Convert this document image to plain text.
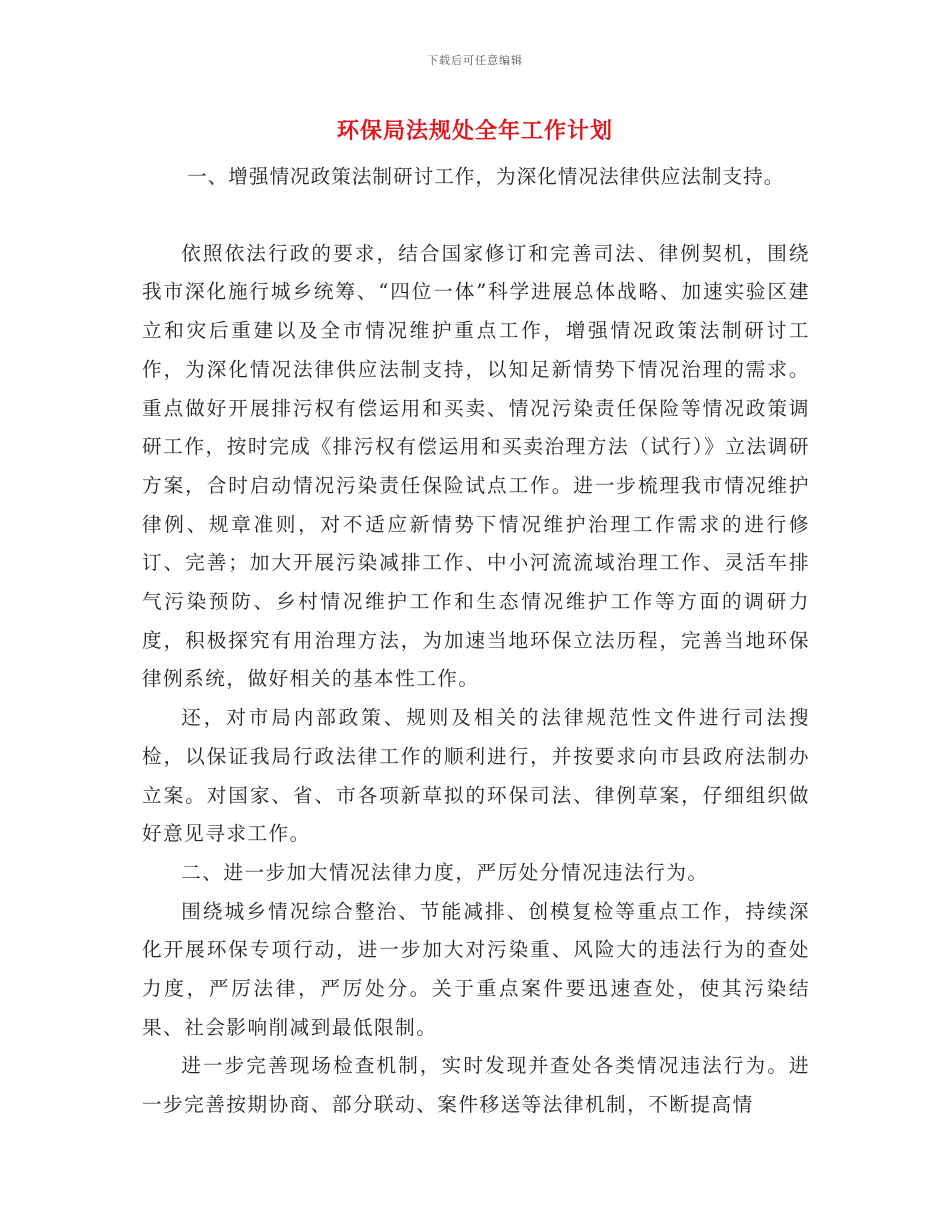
下载后可任意编辑
环保局法规处全年工作计划

一、增强情况政策法制研讨工作，为深化情况法律供应法制支持。

依照依法行政的要求，结合国家修订和完善司法、律例契机，围绕我市深化施行城乡统筹、“四位一体”科学进展总体战略、加速实验区建立和灾后重建以及全市情况维护重点工作，增强情况政策法制研讨工作，为深化情况法律供应法制支持，以知足新情势下情况治理的需求。重点做好开展排污权有偿运用和买卖、情况污染责任保险等情况政策调研工作，按时完成《排污权有偿运用和买卖治理方法（试行）》立法调研方案，合时启动情况污染责任保险试点工作。进一步梳理我市情况维护律例、规章准则，对不适应新情势下情况维护治理工作需求的进行修订、完善；加大开展污染减排工作、中小河流流域治理工作、灵活车排气污染预防、乡村情况维护工作和生态情况维护工作等方面的调研力度，积极探究有用治理方法，为加速当地环保立法历程，完善当地环保律例系统，做好相关的基本性工作。

还，对市局内部政策、规则及相关的法律规范性文件进行司法搜检，以保证我局行政法律工作的顺利进行，并按要求向市县政府法制办立案。对国家、省、市各项新草拟的环保司法、律例草案，仔细组织做好意见寻求工作。

二、进一步加大情况法律力度，严厉处分情况违法行为。

围绕城乡情况综合整治、节能减排、创模复检等重点工作，持续深化开展环保专项行动，进一步加大对污染重、风险大的违法行为的查处力度，严厉法律，严厉处分。关于重点案件要迅速查处，使其污染结果、社会影响削减到最低限制。

进一步完善现场检查机制，实时发现并查处各类情况违法行为。进一步完善按期协商、部分联动、案件移送等法律机制，不断提高情
